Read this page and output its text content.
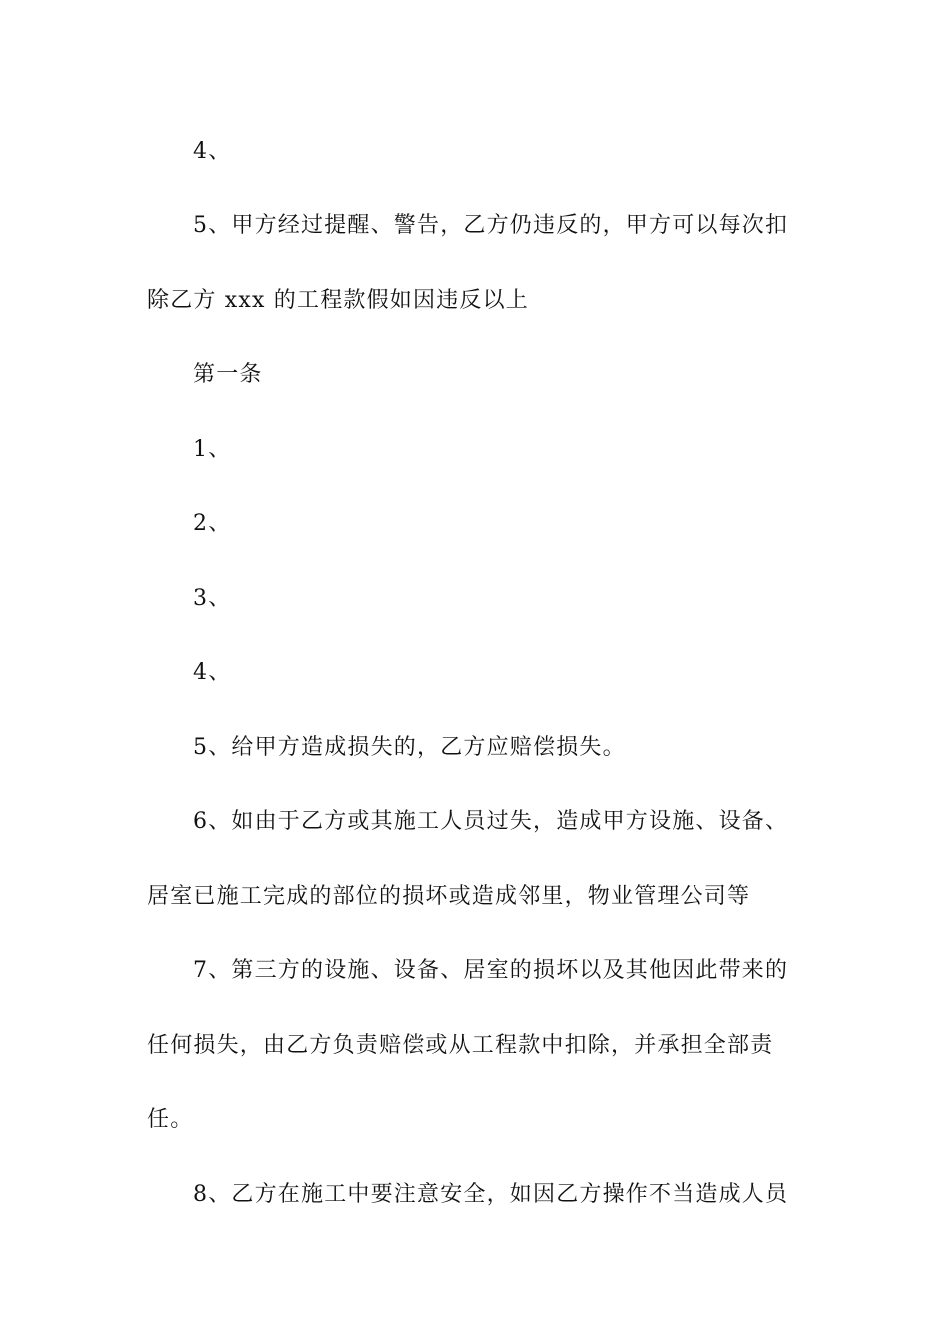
4、
5、甲方经过提醒、警告，乙方仍违反的，甲方可以每次扣
除乙方 xxx 的工程款假如因违反以上
第一条
1、
2、
3、
4、
5、给甲方造成损失的，乙方应赔偿损失。
6、如由于乙方或其施工人员过失，造成甲方设施、设备、
居室已施工完成的部位的损坏或造成邻里，物业管理公司等
7、第三方的设施、设备、居室的损坏以及其他因此带来的
任何损失，由乙方负责赔偿或从工程款中扣除，并承担全部责
任。
8、乙方在施工中要注意安全，如因乙方操作不当造成人员
